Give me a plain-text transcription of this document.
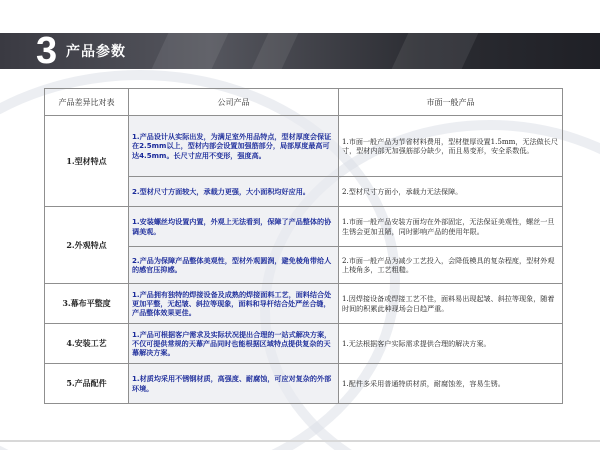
3 产品参数
产品差异比对表	公司产品	市面一般产品
1.型材特点	1.产品设计从实际出发，为满足室外用品特点，型材厚度会保证在2.5mm以上，型材内部会设置加强筋部分，局部厚度最高可达4.5mm。长尺寸应用不变形，强度高。	1.市面一般产品为节省材料费用，型材壁厚设置1.5mm，无法做长尺寸，型材内部无加强筋部分缺少，而且易变形，安全系数低。
	2.型材尺寸方面较大，承载力更强，大小面积均好应用。	2.型材尺寸方面小，承载力无法保障。
2.外观特点	1.安装螺丝均设置内置，外观上无法看到，保障了产品整体的协调美观。	1.市面一般产品安装方面均在外部固定，无法保证美观性，螺丝一旦生锈会更加丑陋，同时影响产品的使用年限。
	2.产品为保障产品整体美观性，型材外观圆润，避免棱角带给人的感官压抑感。	2.市面一般产品为减少工艺投入，会降低模具的复杂程度，型材外观上棱角多，工艺粗糙。
3.幕布平整度	1.产品拥有独特的焊接设备及成熟的焊接面料工艺，面料结合处更加平整，无起皱、斜拉等现象，面料和导杆结合处严丝合缝，产品整体效果更佳。	1.因焊接设备或焊接工艺不佳，面料易出现起皱、斜拉等现象，随着时间的积累此种现场会日趋严重。
4.安装工艺	1.产品可根据客户需求及实际状况提出合理的一站式解决方案，不仅可提供常规的天幕产品同时也能根据区域特点提供复杂的天幕解决方案。	1.无法根据客户实际需求提供合理的解决方案。
5.产品配件	1.材质均采用不锈钢材质，高强度、耐腐蚀，可应对复杂的外部环境。	1.配件多采用普通特质材质，耐腐蚀差，容易生锈。
